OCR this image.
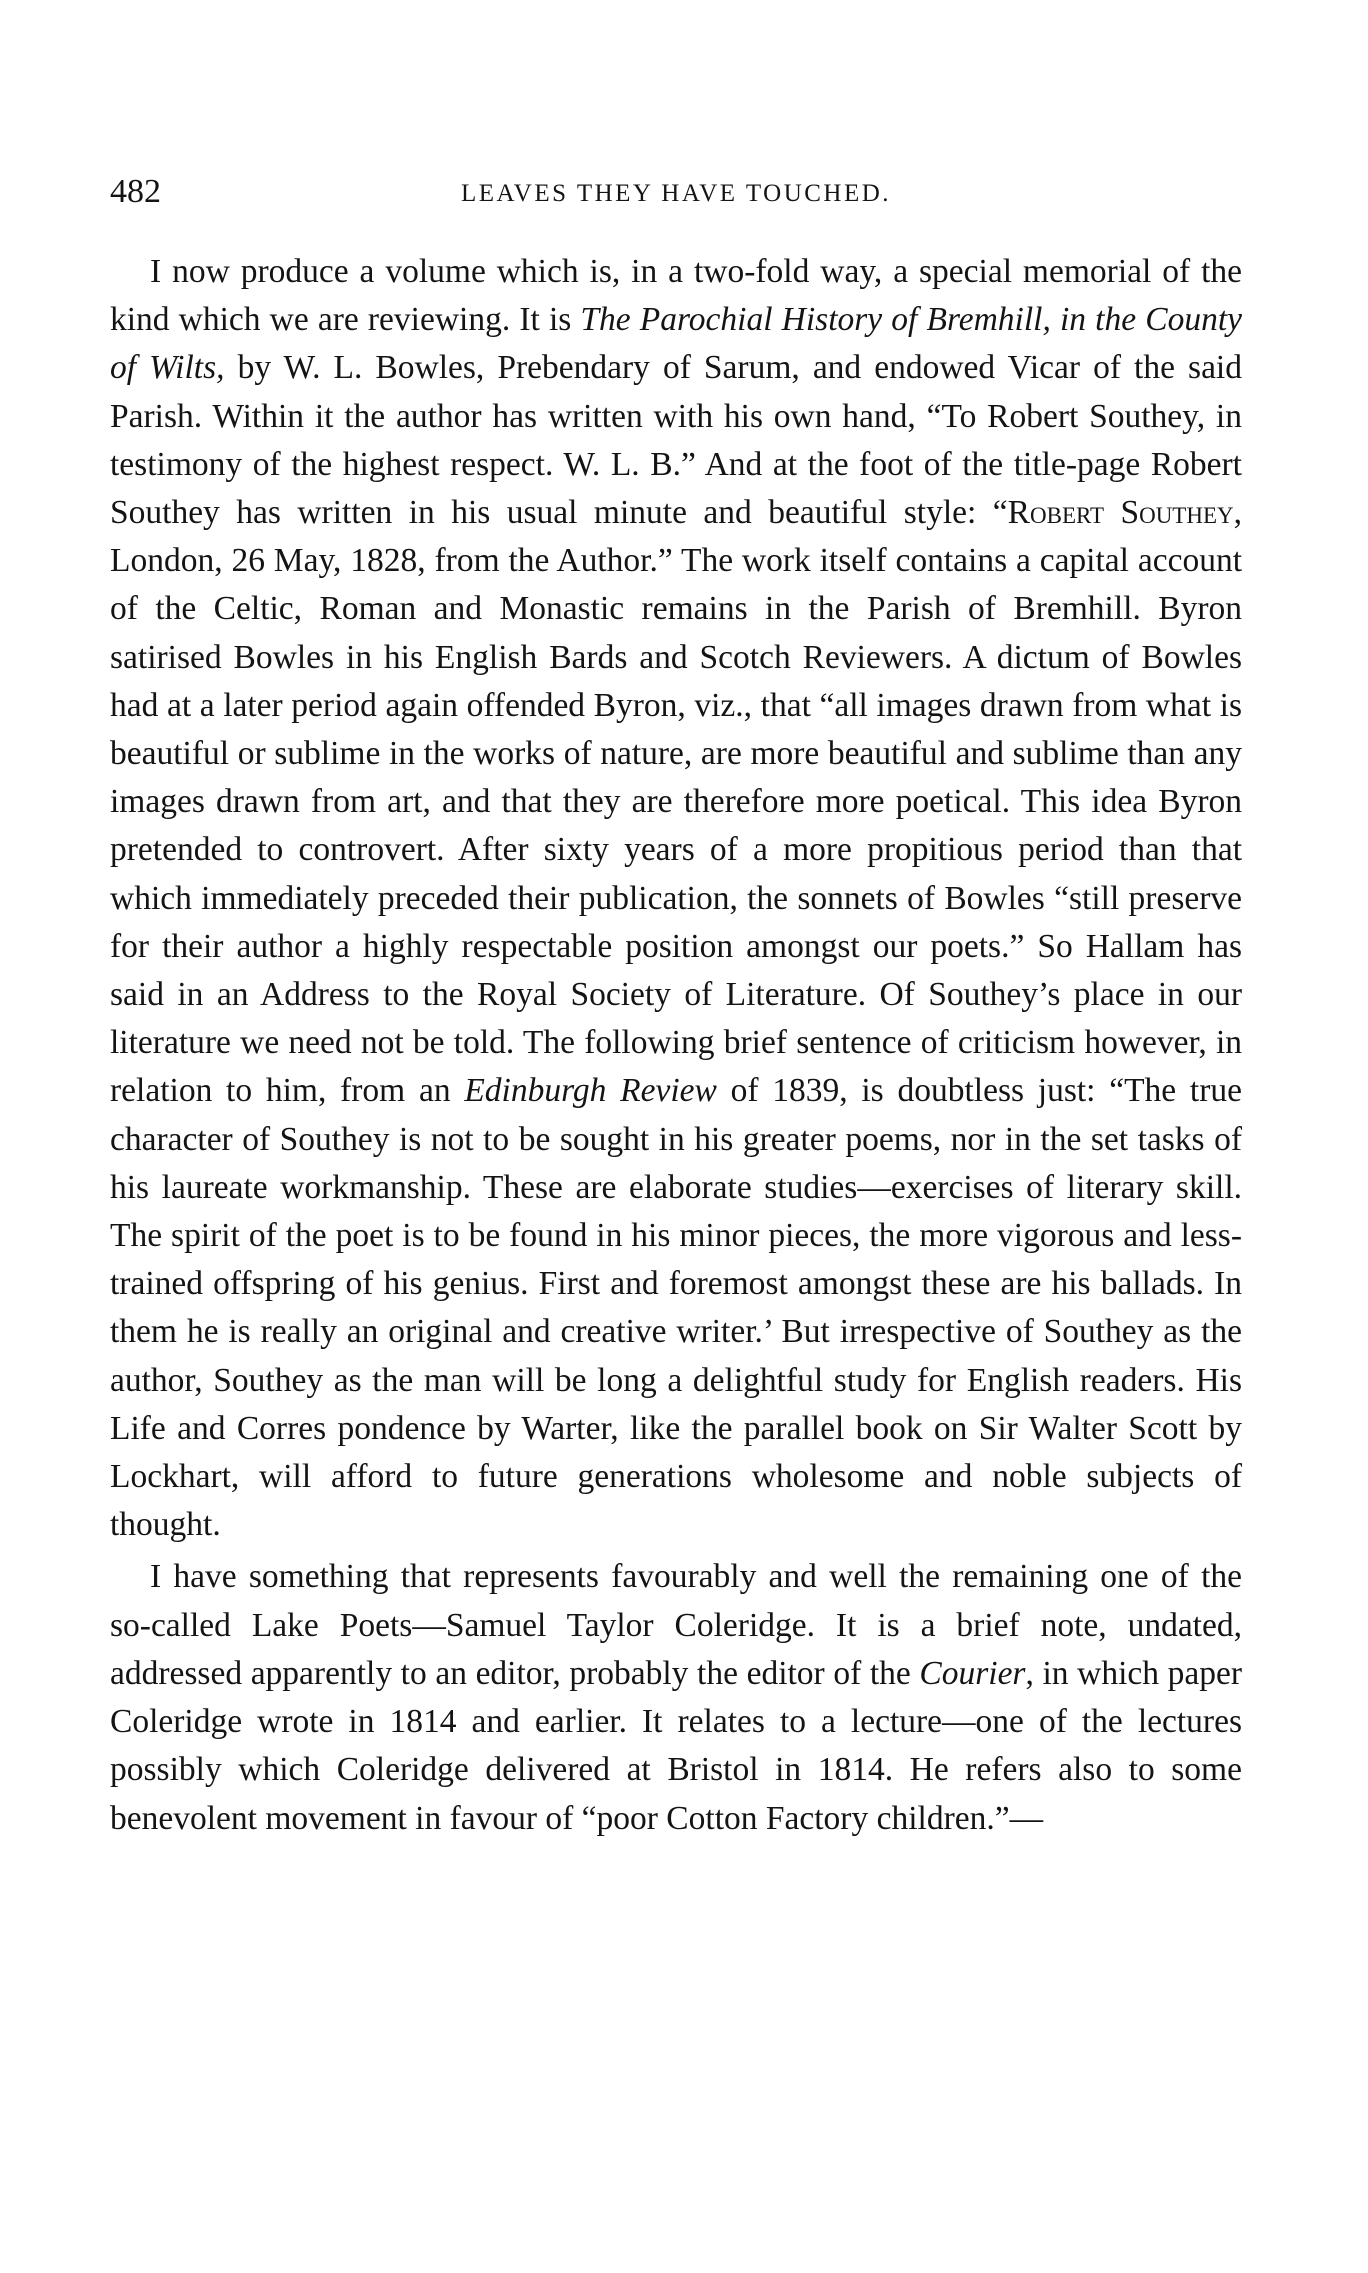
482	LEAVES THEY HAVE TOUCHED.

I now produce a volume which is, in a two-fold way, a special memorial of the kind which we are reviewing. It is The Parochial History of Bremhill, in the County of Wilts, by W. L. Bowles, Prebendary of Sarum, and endowed Vicar of the said Parish. Within it the author has written with his own hand, “To Robert Southey, in testimony of the highest respect. W. L. B.” And at the foot of the title-page Robert Southey has written in his usual minute and beautiful style: “Robert Southey, London, 26 May, 1828, from the Author.” The work itself contains a capital account of the Celtic, Roman and Monastic remains in the Parish of Bremhill. Byron satirised Bowles in his English Bards and Scotch Reviewers. A dictum of Bowles had at a later period again offended Byron, viz., that “all images drawn from what is beautiful or sublime in the works of nature, are more beautiful and sublime than any images drawn from art, and that they are therefore more poetical. This idea Byron pretended to controvert. After sixty years of a more propitious period than that which immediately preceded their publication, the sonnets of Bowles “still preserve for their author a highly respectable position amongst our poets.” So Hallam has said in an Address to the Royal Society of Literature. Of Southey’s place in our literature we need not be told. The following brief sentence of criticism however, in relation to him, from an Edinburgh Review of 1839, is doubtless just: “The true character of Southey is not to be sought in his greater poems, nor in the set tasks of his laureate workmanship. These are elaborate studies—exercises of literary skill. The spirit of the poet is to be found in his minor pieces, the more vigorous and less-trained offspring of his genius. First and foremost amongst these are his ballads. In them he is really an original and creative writer.’ But irrespective of Southey as the author, Southey as the man will be long a delightful study for English readers. His Life and Corres pondence by Warter, like the parallel book on Sir Walter Scott by Lockhart, will afford to future generations wholesome and noble subjects of thought.

I have something that represents favourably and well the remaining one of the so-called Lake Poets—Samuel Taylor Coleridge. It is a brief note, undated, addressed apparently to an editor, probably the editor of the Courier, in which paper Coleridge wrote in 1814 and earlier. It relates to a lecture—one of the lectures possibly which Coleridge delivered at Bristol in 1814. He refers also to some benevolent movement in favour of “poor Cotton Factory children.”—
